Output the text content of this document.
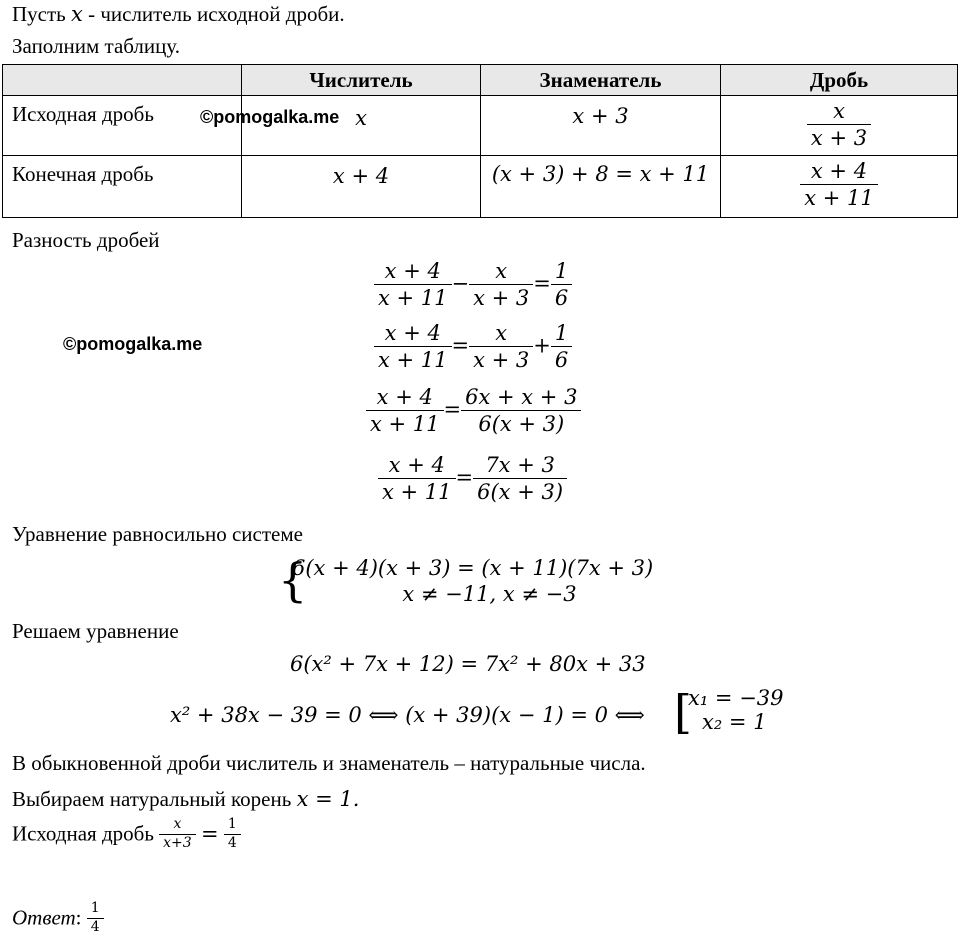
Пусть x - числитель исходной дроби.
Заполним таблицу.
	Числитель	Знаменатель	Дробь
Исходная дробь	x	x + 3	$\frac{x}{x + 3}$

Конечная дробь	x + 4	(x + 3) + 8 = x + 11	$\frac{x + 4}{x + 11}$
©pomogalka.me
Разность дробей
©pomogalka.me
$\frac{x + 4}{x + 11} - \frac{x}{x + 3} = \frac{1}{6}$
$\frac{x + 4}{x + 11} = \frac{x}{x + 3} + \frac{1}{6}$
$\frac{x + 4}{x + 11} = \frac{6x + x + 3}{6(x + 3)}$
$\frac{x + 4}{x + 11} = \frac{7x + 3}{6(x + 3)}$
Уравнение равносильно системе
{
6(x + 4)(x + 3) = (x + 11)(7x + 3)
x ≠ −11, x ≠ −3
Решаем уравнение
6(x² + 7x + 12) = 7x² + 80x + 33
x² + 38x − 39 = 0 ⟺ (x + 39)(x − 1) = 0 ⟺ [
x₁ = −39
x₂ = 1
В обыкновенной дроби числитель и знаменатель – натуральные числа.
Выбираем натуральный корень x = 1.
Исходная дробь $\frac{x}{x+3} = \frac{1}{4}$
Ответ: $\frac{1}{4}$
